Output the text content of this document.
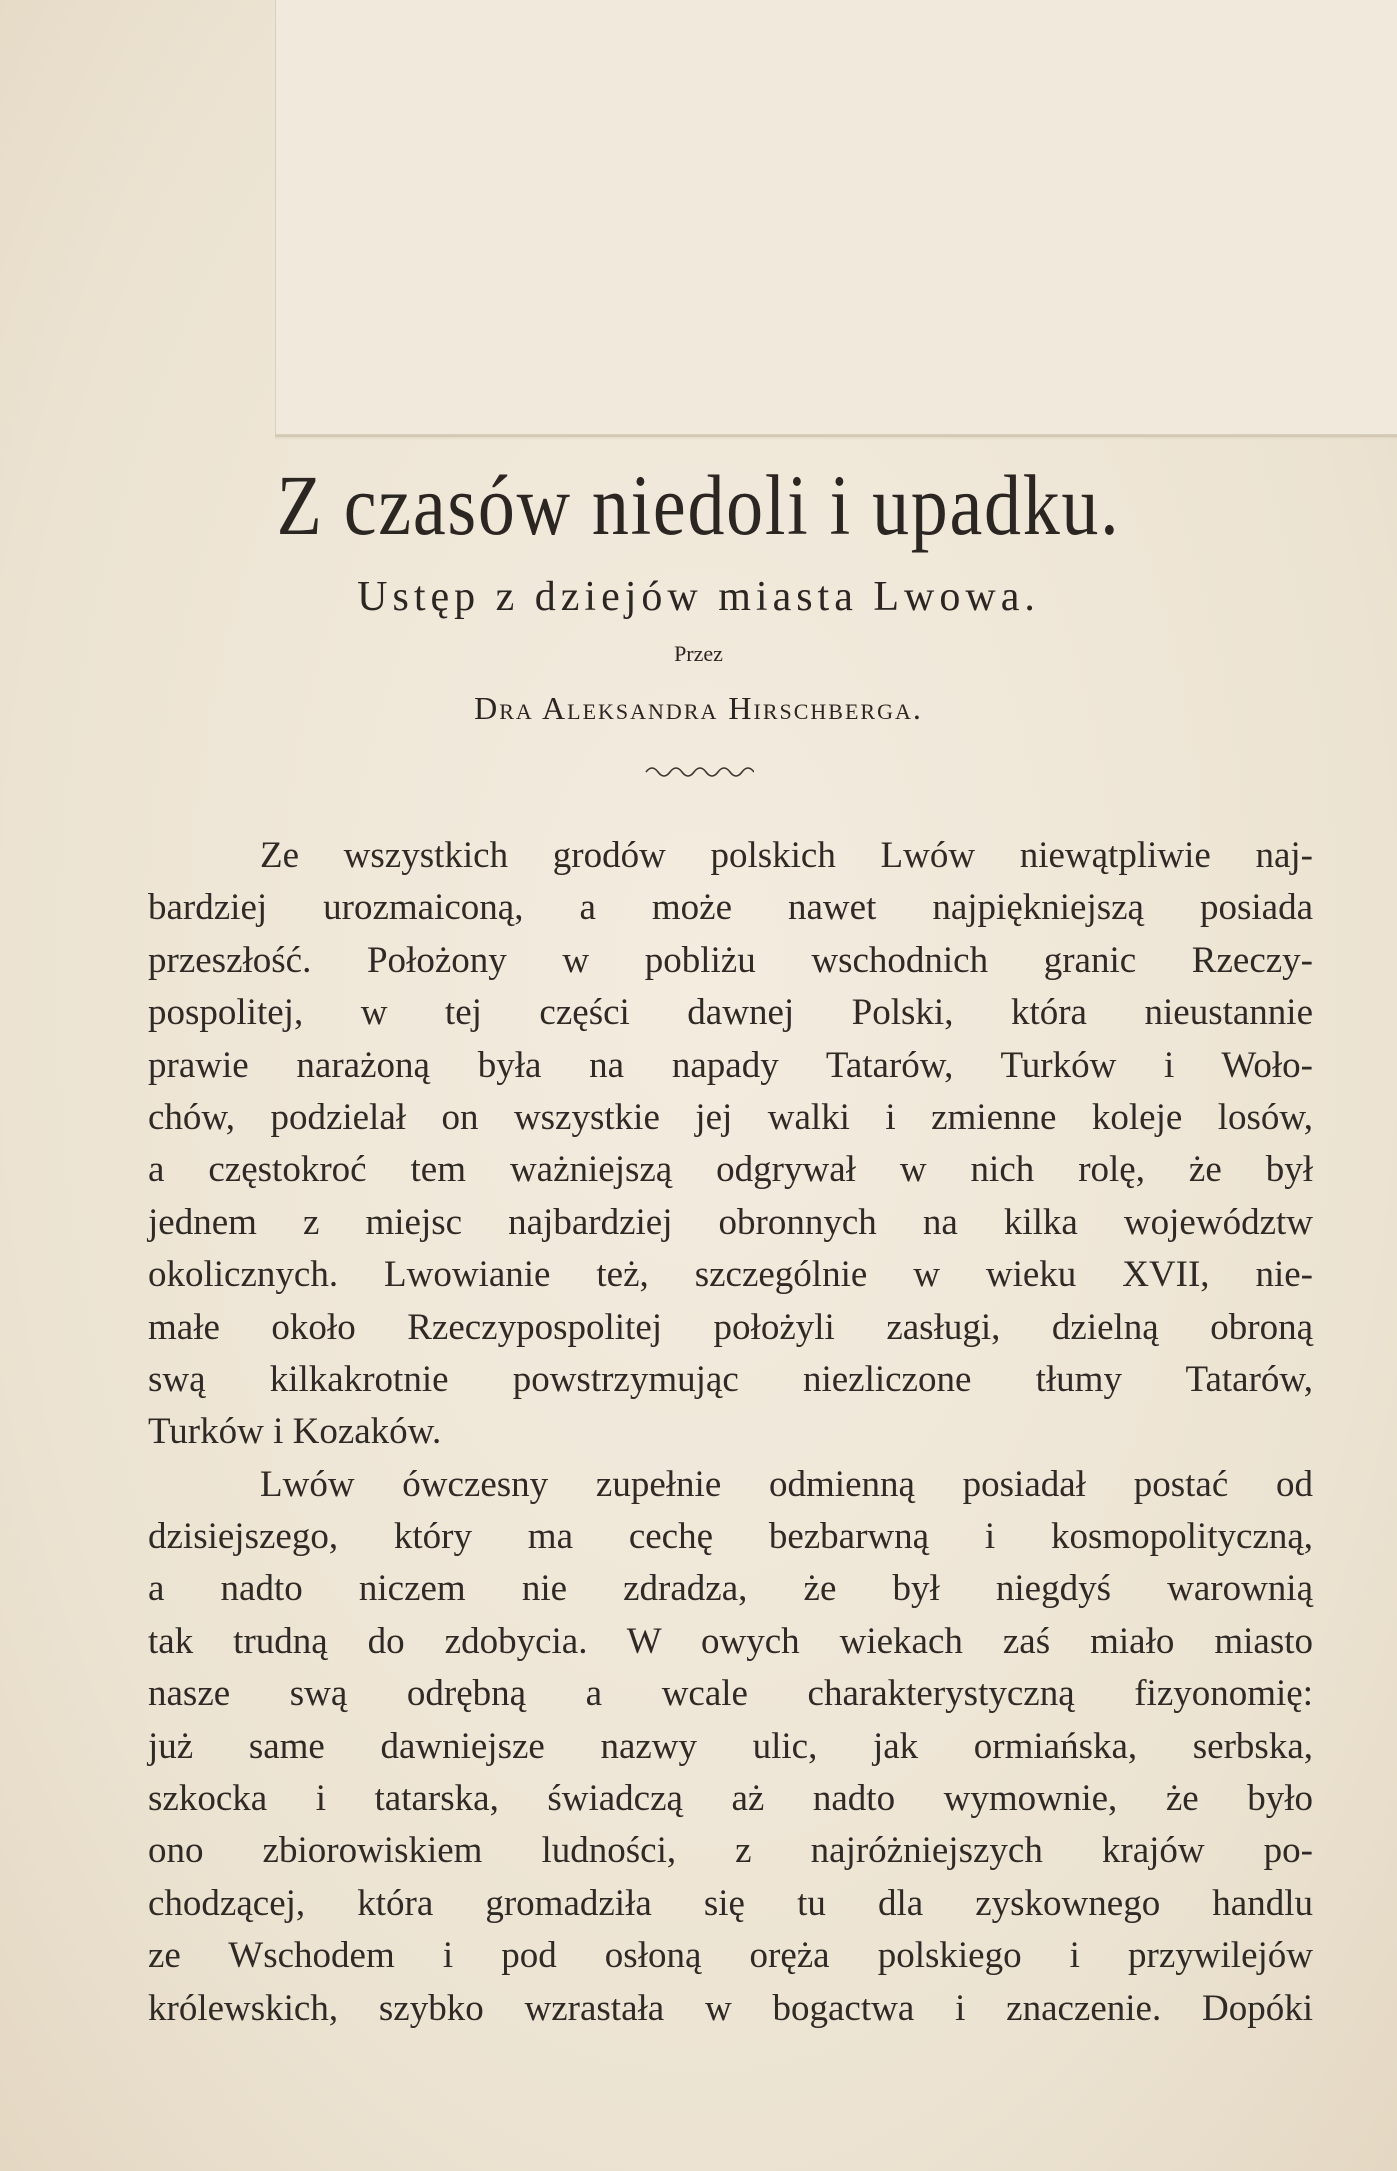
Z czasów niedoli i upadku.
Ustęp z dziejów miasta Lwowa.
Przez
Dra Aleksandra Hirschberga.
Ze wszystkich grodów polskich Lwów niewątpliwie naj-
bardziej urozmaiconą, a może nawet najpiękniejszą posiada
przeszłość. Położony w pobliżu wschodnich granic Rzeczy-
pospolitej, w tej części dawnej Polski, która nieustannie
prawie narażoną była na napady Tatarów, Turków i Woło-
chów, podzielał on wszystkie jej walki i zmienne koleje losów,
a częstokroć tem ważniejszą odgrywał w nich rolę, że był
jednem z miejsc najbardziej obronnych na kilka województw
okolicznych. Lwowianie też, szczególnie w wieku XVII, nie-
małe około Rzeczypospolitej położyli zasługi, dzielną obroną
swą kilkakrotnie powstrzymując niezliczone tłumy Tatarów,
Turków i Kozaków.
Lwów ówczesny zupełnie odmienną posiadał postać od
dzisiejszego, który ma cechę bezbarwną i kosmopolityczną,
a nadto niczem nie zdradza, że był niegdyś warownią
tak trudną do zdobycia. W owych wiekach zaś miało miasto
nasze swą odrębną a wcale charakterystyczną fizyonomię:
już same dawniejsze nazwy ulic, jak ormiańska, serbska,
szkocka i tatarska, świadczą aż nadto wymownie, że było
ono zbiorowiskiem ludności, z najróżniejszych krajów po-
chodzącej, która gromadziła się tu dla zyskownego handlu
ze Wschodem i pod osłoną oręża polskiego i przywilejów
królewskich, szybko wzrastała w bogactwa i znaczenie. Dopóki
